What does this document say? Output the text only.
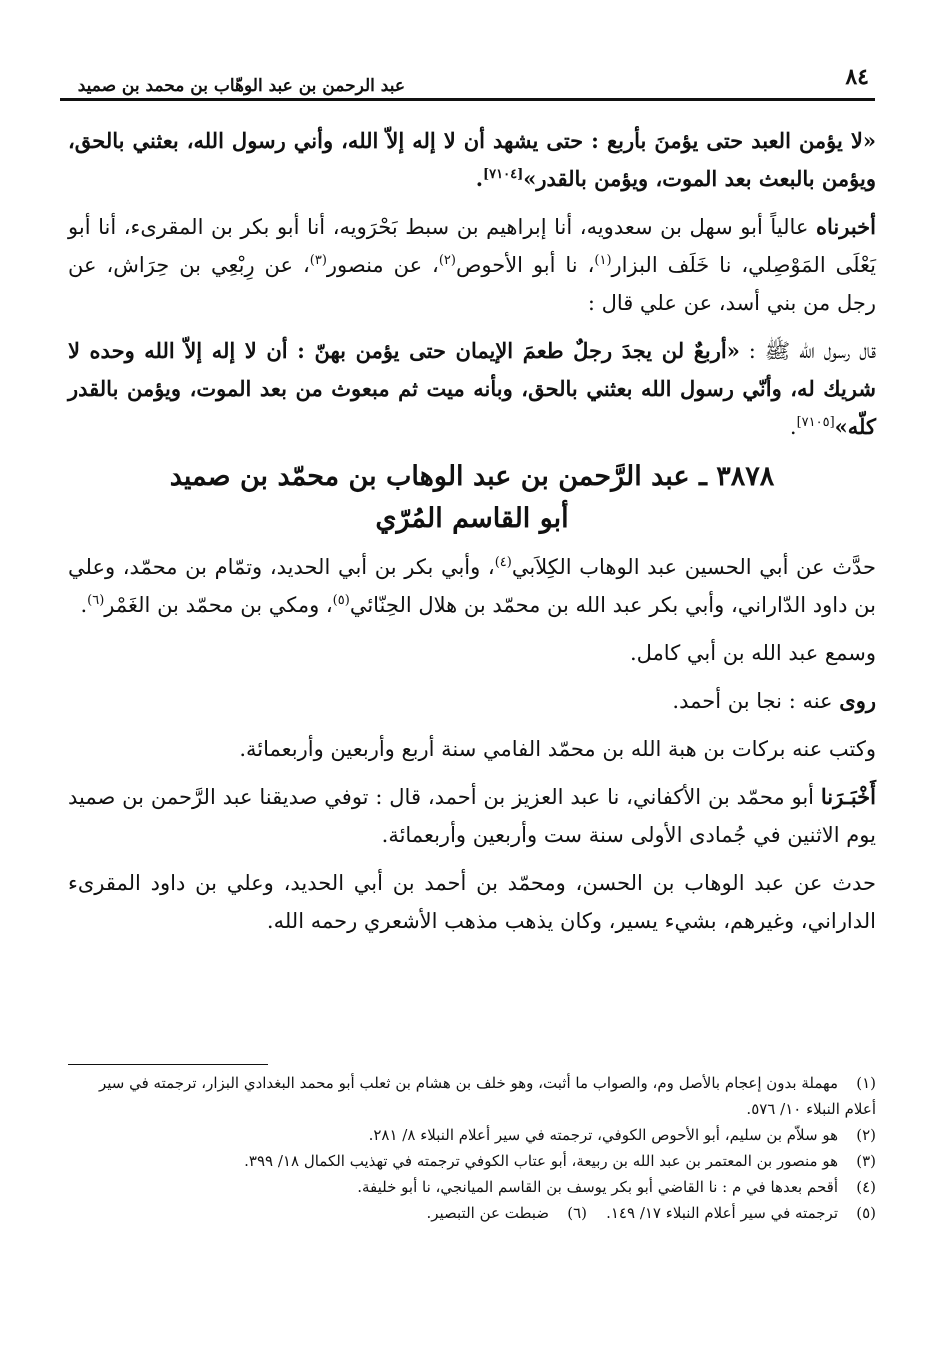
عبد الرحمن بن عبد الوهّاب بن محمد بن صميد	٨٤

«لا يؤمن العبد حتى يؤمنَ بأربع : حتى يشهد أن لا إله إلاّ الله، وأني رسول الله، بعثني بالحق، ويؤمن بالبعث بعد الموت، ويؤمن بالقدر»[٧١٠٤].

أخبرناه عالياً أبو سهل بن سعدويه، أنا إبراهيم بن سبط بَحْرَويه، أنا أبو بكر بن المقرىء، أنا أبو يَعْلَى المَوْصِلي، نا خَلَف البزار$^{(١)}$، نا أبو الأحوص$^{(٢)}$، عن منصور$^{(٣)}$، عن رِبْعِي بن حِرَاش، عن رجل من بني أسد، عن علي قال :

قال رسول الله ﷺ : «أربعٌ لن يجدَ رجلٌ طعمَ الإيمان حتى يؤمن بهنّ : أن لا إله إلاّ الله وحده لا شريك له، وأنّي رسول الله بعثني بالحق، وبأنه ميت ثم مبعوث من بعد الموت، ويؤمن بالقدر كلّه»[٧١٠٥].

٣٨٧٨ ـ عبد الرَّحمن بن عبد الوهاب بن محمّد بن صميد
أبو القاسم المُرّي

حدَّث عن أبي الحسين عبد الوهاب الكِلاَبي$^{(٤)}$، وأبي بكر بن أبي الحديد، وتمّام بن محمّد، وعلي بن داود الدّاراني، وأبي بكر عبد الله بن محمّد بن هلال الحِنّائي$^{(٥)}$، ومكي بن محمّد بن الغَمْر$^{(٦)}$.

وسمع عبد الله بن أبي كامل.

روى عنه : نجا بن أحمد.

وكتب عنه بركات بن هبة الله بن محمّد الفامي سنة أربع وأربعين وأربعمائة.

أَخْبَـرَنا أبو محمّد بن الأكفاني، نا عبد العزيز بن أحمد، قال : توفي صديقنا عبد الرَّحمن بن صميد يوم الاثنين في جُمادى الأولى سنة ست وأربعين وأربعمائة.

حدث عن عبد الوهاب بن الحسن، ومحمّد بن أحمد بن أبي الحديد، وعلي بن داود المقرىء الداراني، وغيرهم، بشيء يسير، وكان يذهب مذهب الأشعري رحمه الله.

(١)مهملة بدون إعجام بالأصل وم، والصواب ما أثبت، وهو خلف بن هشام بن ثعلب أبو محمد البغدادي البزار، ترجمته في سير أعلام النبلاء ١٠/ ٥٧٦.

(٢)هو سلاّم بن سليم، أبو الأحوص الكوفي، ترجمته في سير أعلام النبلاء ٨/ ٢٨١.

(٣)هو منصور بن المعتمر بن عبد الله بن ربيعة، أبو عتاب الكوفي ترجمته في تهذيب الكمال ١٨/ ٣٩٩.

(٤)أقحم بعدها في م : نا القاضي أبو بكر يوسف بن القاسم الميانجي، نا أبو خليفة.

(٥)ترجمته في سير أعلام النبلاء ١٧/ ١٤٩.    (٦)ضبطت عن التبصير.
